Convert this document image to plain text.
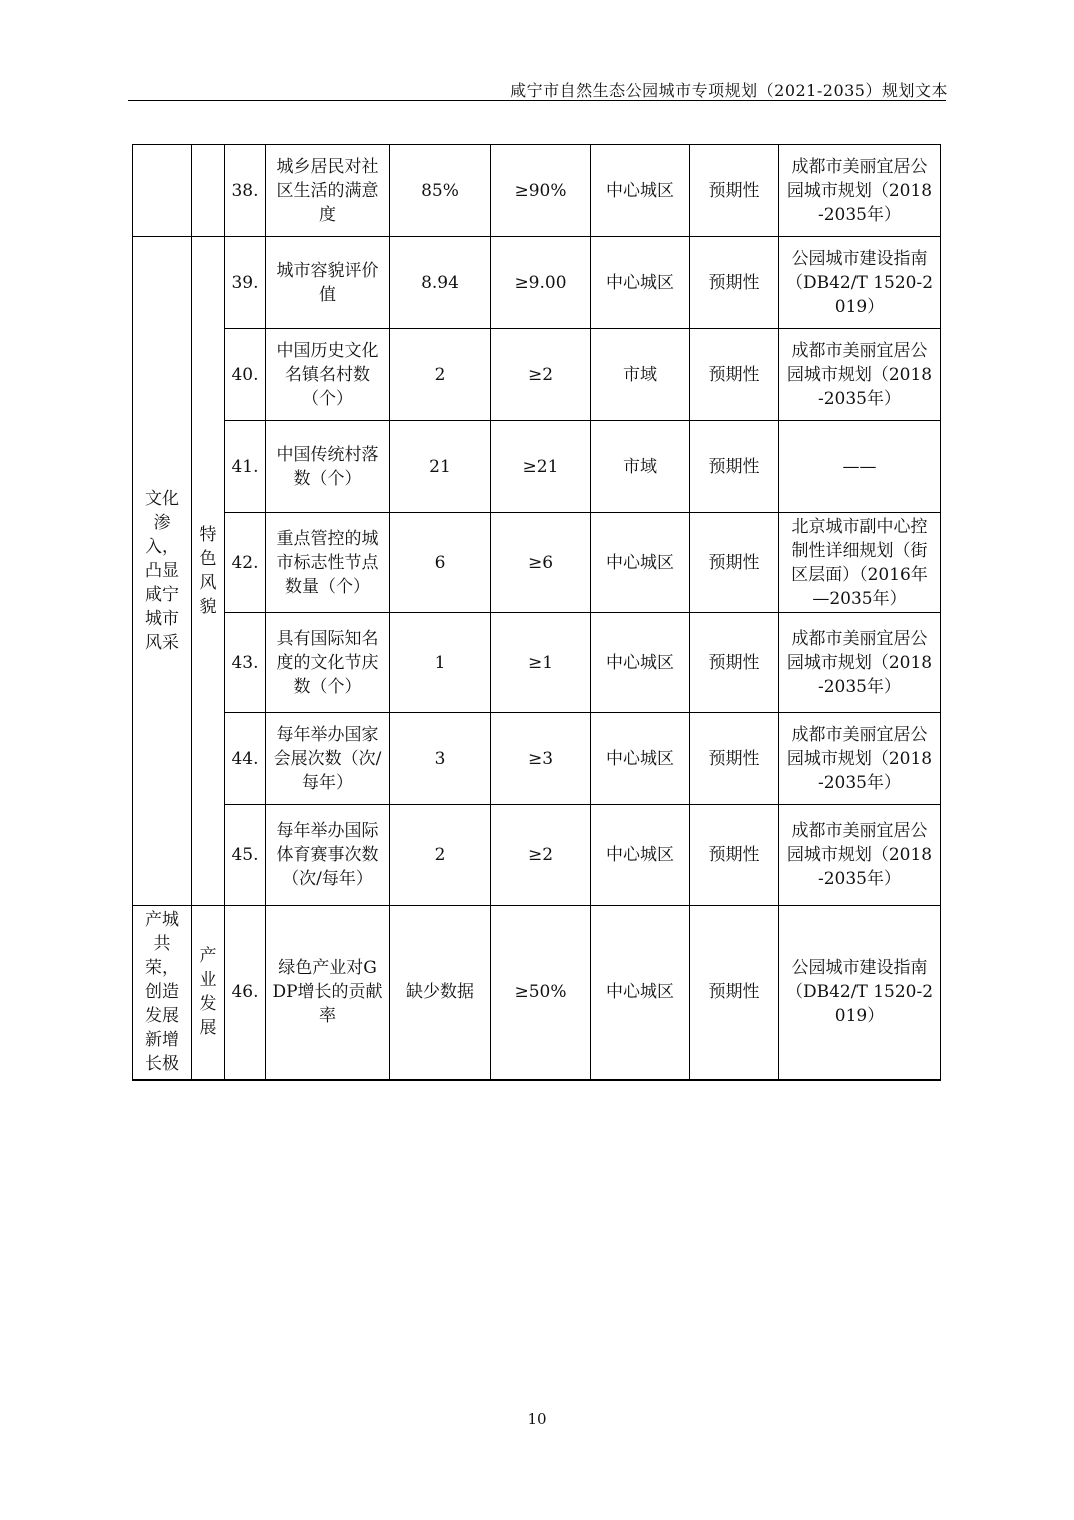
咸宁市自然生态公园城市专项规划（2021-2035）规划文本
		38.	城乡居民对社区生活的满意度	85%	≥90%	中心城区	预期性	成都市美丽宜居公园城市规划（2018-2035年）
文化渗入，凸显咸宁城市风采	特色风貌	39.	城市容貌评价值	8.94	≥9.00	中心城区	预期性	公园城市建设指南（DB42/T 1520-2019）
		40.	中国历史文化名镇名村数（个）	2	≥2	市域	预期性	成都市美丽宜居公园城市规划（2018-2035年）
		41.	中国传统村落数（个）	21	≥21	市域	预期性	——
		42.	重点管控的城市标志性节点数量（个）	6	≥6	中心城区	预期性	北京城市副中心控制性详细规划（街区层面）（2016年—2035年）
		43.	具有国际知名度的文化节庆数（个）	1	≥1	中心城区	预期性	成都市美丽宜居公园城市规划（2018-2035年）
		44.	每年举办国家会展次数（次/每年）	3	≥3	中心城区	预期性	成都市美丽宜居公园城市规划（2018-2035年）
		45.	每年举办国际体育赛事次数（次/每年）	2	≥2	中心城区	预期性	成都市美丽宜居公园城市规划（2018-2035年）
产城共荣，创造发展新增长极	产业发展	46.	绿色产业对GDP增长的贡献率	缺少数据	≥50%	中心城区	预期性	公园城市建设指南（DB42/T 1520-2019）
10
